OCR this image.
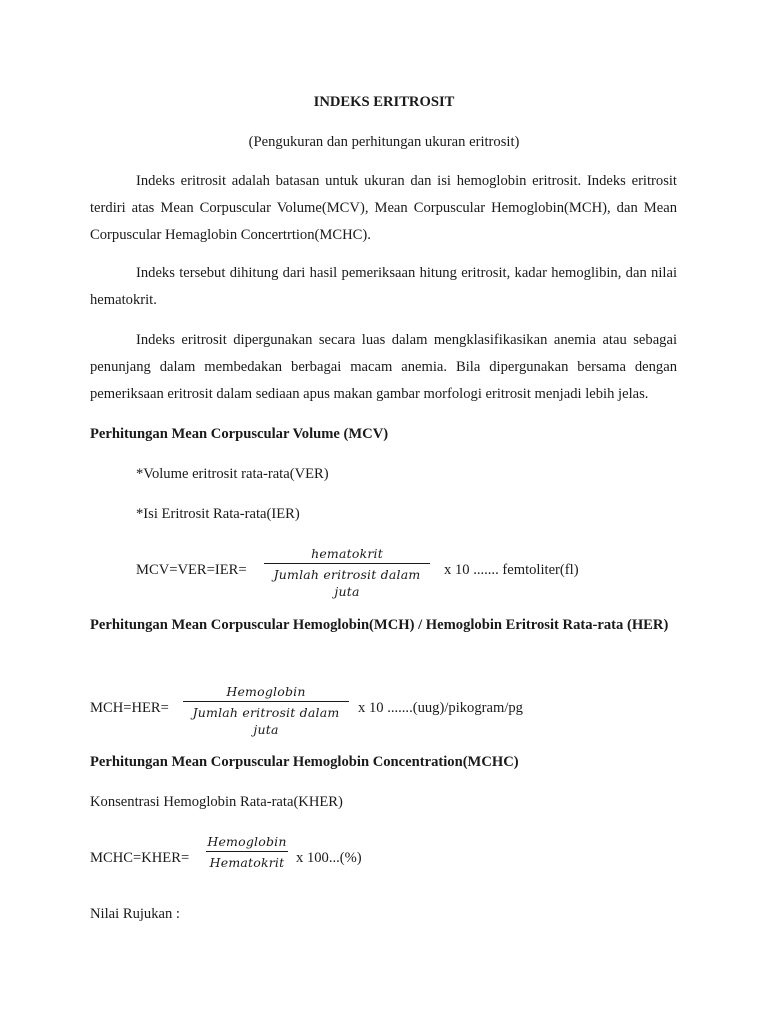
INDEKS ERITROSIT
(Pengukuran dan perhitungan ukuran eritrosit)
Indeks eritrosit adalah batasan untuk ukuran dan isi hemoglobin eritrosit. Indeks eritrosit terdiri atas Mean Corpuscular Volume(MCV), Mean Corpuscular Hemoglobin(MCH), dan Mean Corpuscular Hemaglobin Concertrtion(MCHC).
Indeks tersebut dihitung dari hasil pemeriksaan hitung eritrosit, kadar hemoglibin, dan nilai hematokrit.
Indeks eritrosit dipergunakan secara luas dalam mengklasifikasikan anemia atau sebagai penunjang dalam membedakan berbagai macam anemia. Bila dipergunakan bersama dengan pemeriksaan eritrosit dalam sediaan apus makan gambar morfologi eritrosit menjadi lebih jelas.
Perhitungan Mean Corpuscular Volume (MCV)
*Volume eritrosit rata-rata(VER)
*Isi Eritrosit Rata-rata(IER)
MCV=VER=IER=
hematokrit
Jumlah eritrosit dalam juta
x 10 ....... femtoliter(fl)
Perhitungan Mean Corpuscular Hemoglobin(MCH) / Hemoglobin Eritrosit Rata-rata (HER)
MCH=HER=
Hemoglobin
Jumlah eritrosit dalam juta
x 10 .......(uug)/pikogram/pg
Perhitungan Mean Corpuscular Hemoglobin Concentration(MCHC)
Konsentrasi Hemoglobin Rata-rata(KHER)
MCHC=KHER=
Hemoglobin
Hematokrit x 100...(%)
Nilai Rujukan :
